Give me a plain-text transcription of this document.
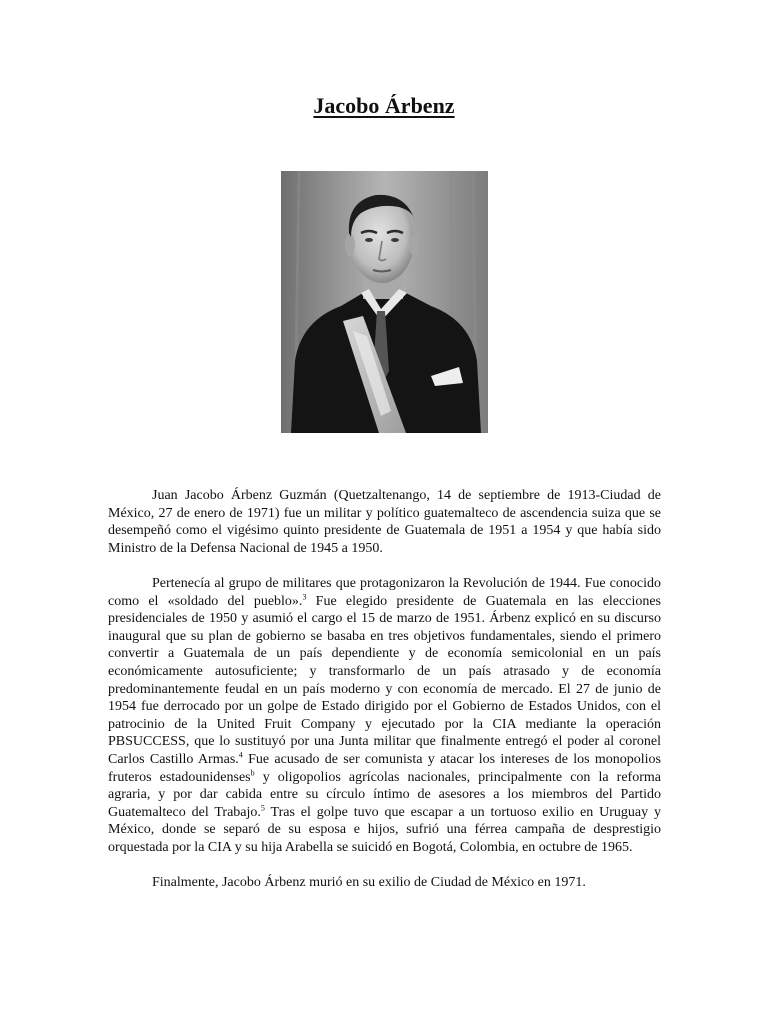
Jacobo Árbenz

Juan Jacobo Árbenz Guzmán (Quetzaltenango, 14 de septiembre de 1913-Ciudad de México, 27 de enero de 1971) fue un militar y político guatemalteco de ascendencia suiza que se desempeñó como el vigésimo quinto presidente de Guatemala de 1951 a 1954 y que había sido Ministro de la Defensa Nacional de 1945 a 1950.

Pertenecía al grupo de militares que protagonizaron la Revolución de 1944. Fue conocido como el «soldado del pueblo».$^3$ Fue elegido presidente de Guatemala en las elecciones presidenciales de 1950 y asumió el cargo el 15 de marzo de 1951. Árbenz explicó en su discurso inaugural que su plan de gobierno se basaba en tres objetivos fundamentales, siendo el primero convertir a Guatemala de un país dependiente y de economía semicolonial en un país económicamente autosuficiente; y transformarlo de un país atrasado y de economía predominantemente feudal en un país moderno y con economía de mercado. El 27 de junio de 1954 fue derrocado por un golpe de Estado dirigido por el Gobierno de Estados Unidos, con el patrocinio de la United Fruit Company y ejecutado por la CIA mediante la operación PBSUCCESS, que lo sustituyó por una Junta militar que finalmente entregó el poder al coronel Carlos Castillo Armas.$^4$ Fue acusado de ser comunista y atacar los intereses de los monopolios fruteros estadounidenses$^b$ y oligopolios agrícolas nacionales, principalmente con la reforma agraria, y por dar cabida entre su círculo íntimo de asesores a los miembros del Partido Guatemalteco del Trabajo.$^5$ Tras el golpe tuvo que escapar a un tortuoso exilio en Uruguay y México, donde se separó de su esposa e hijos, sufrió una férrea campaña de desprestigio orquestada por la CIA y su hija Arabella se suicidó en Bogotá, Colombia, en octubre de 1965.

Finalmente, Jacobo Árbenz murió en su exilio de Ciudad de México en 1971.
